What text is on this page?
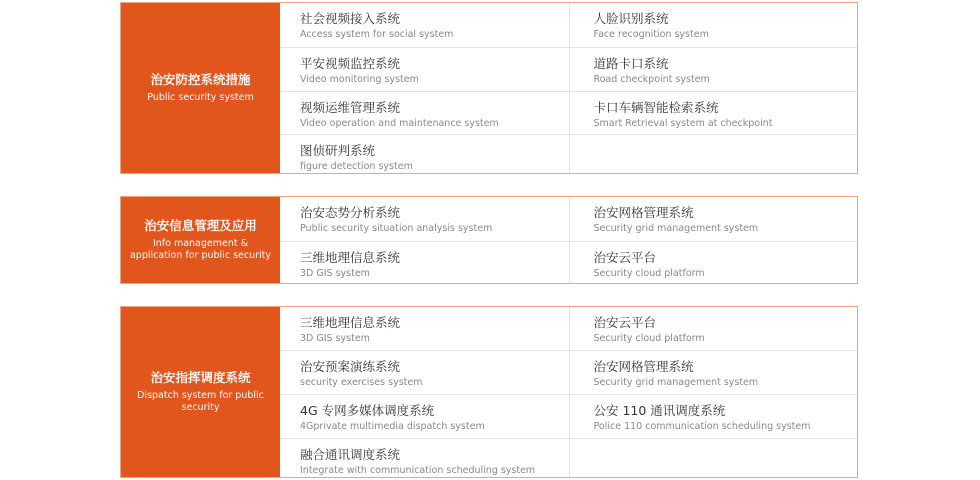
治安防控系统措施
Public security system
社会视频接入系统
Access system for social system
人脸识别系统
Face recognition system
平安视频监控系统
Video monitoring system
道路卡口系统
Road checkpoint system
视频运维管理系统
Video operation and maintenance system
卡口车辆智能检索系统
Smart Retrieval system at checkpoint
图侦研判系统
figure detection system
治安信息管理及应用
Info management & application for public security
治安态势分析系统
Public security situation analysis system
治安网格管理系统
Security grid management system
三维地理信息系统
3D GIS system
治安云平台
Security cloud platform
治安指挥调度系统
Dispatch system for public security
三维地理信息系统
3D GIS system
治安云平台
Security cloud platform
治安预案演练系统
security exercises system
治安网格管理系统
Security grid management system
4G 专网多媒体调度系统
4Gprivate multimedia dispatch system
公安 110 通讯调度系统
Police 110 communication scheduling system
融合通讯调度系统
Integrate with communication scheduling system
